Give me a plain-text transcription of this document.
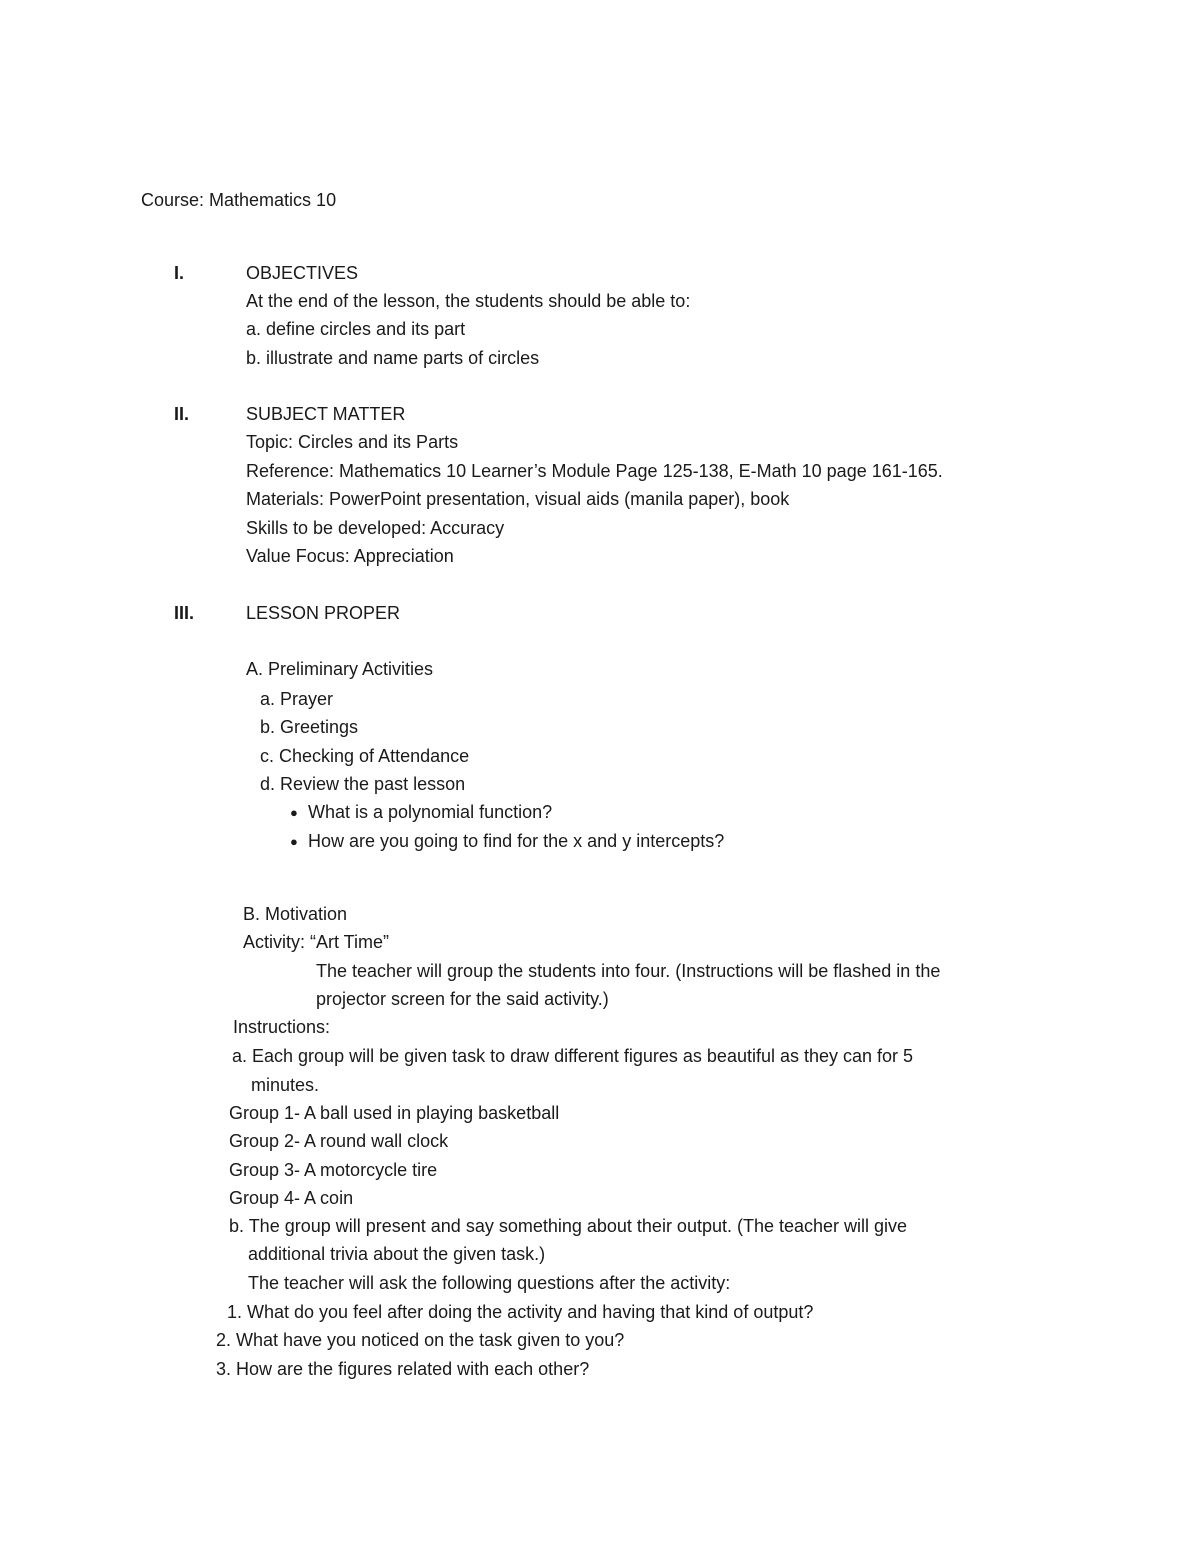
Course: Mathematics 10
I.	OBJECTIVES
At the end of the lesson, the students should be able to:
a. define circles and its part
b. illustrate and name parts of circles
II.	SUBJECT MATTER
Topic: Circles and its Parts
Reference: Mathematics 10 Learner’s Module Page 125-138, E-Math 10 page 161-165.
Materials: PowerPoint presentation, visual aids (manila paper), book
Skills to be developed: Accuracy
Value Focus: Appreciation
III.	LESSON PROPER
A. Preliminary Activities
a. Prayer
b. Greetings
c. Checking of Attendance
d. Review the past lesson
● What is a polynomial function?
● How are you going to find for the x and y intercepts?
B. Motivation
Activity: “Art Time”
The teacher will group the students into four. (Instructions will be flashed in the
projector screen for the said activity.)
Instructions:
a. Each group will be given task to draw different figures as beautiful as they can for 5
minutes.
Group 1- A ball used in playing basketball
Group 2- A round wall clock
Group 3- A motorcycle tire
Group 4- A coin
b. The group will present and say something about their output. (The teacher will give
additional trivia about the given task.)
The teacher will ask the following questions after the activity:
1. What do you feel after doing the activity and having that kind of output?
2. What have you noticed on the task given to you?
3. How are the figures related with each other?
